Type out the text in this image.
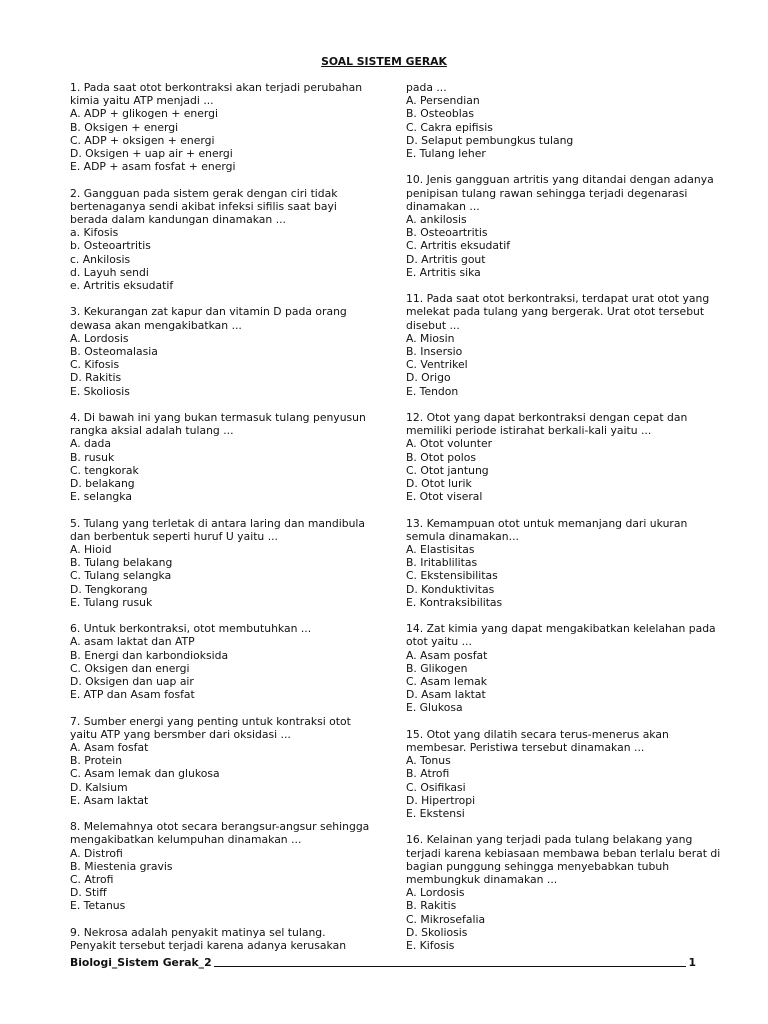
SOAL SISTEM GERAK

1. Pada saat otot berkontraksi akan terjadi perubahan kimia yaitu ATP menjadi ...

A. ADP + glikogen + energi
B. Oksigen + energi
C. ADP + oksigen + energi
D. Oksigen + uap air + energi
E. ADP + asam fosfat + energi

2. Gangguan pada sistem gerak dengan ciri tidak bertenaganya sendi akibat infeksi sifilis saat bayi berada dalam kandungan dinamakan ...

a. Kifosis
b. Osteoartritis
c. Ankilosis
d. Layuh sendi
e. Artritis eksudatif

3. Kekurangan zat kapur dan vitamin D pada orang dewasa akan mengakibatkan ...

A. Lordosis
B. Osteomalasia
C. Kifosis
D. Rakitis
E. Skoliosis

4. Di bawah ini yang bukan termasuk tulang penyusun rangka aksial adalah tulang ...

A. dada
B. rusuk
C. tengkorak
D. belakang
E. selangka

5. Tulang yang terletak di antara laring dan mandibula dan berbentuk seperti huruf U yaitu ...

A. Hioid
B. Tulang belakang
C. Tulang selangka
D. Tengkorang
E. Tulang rusuk

6. Untuk berkontraksi, otot membutuhkan ...

A. asam laktat dan ATP
B. Energi dan karbondioksida
C. Oksigen dan energi
D. Oksigen dan uap air
E. ATP dan Asam fosfat

7. Sumber energi yang penting untuk kontraksi otot yaitu ATP yang bersmber dari oksidasi ...

A. Asam fosfat
B. Protein
C. Asam lemak dan glukosa
D. Kalsium
E. Asam laktat

8. Melemahnya otot secara berangsur-angsur sehingga mengakibatkan kelumpuhan dinamakan ...

A. Distrofi
B. Miestenia gravis
C. Atrofi
D. Stiff
E. Tetanus

9. Nekrosa adalah penyakit matinya sel tulang. Penyakit tersebut terjadi karena adanya kerusakan

pada ...

A. Persendian
B. Osteoblas
C. Cakra epifisis
D. Selaput pembungkus tulang
E. Tulang leher

10. Jenis gangguan artritis yang ditandai dengan adanya penipisan tulang rawan sehingga terjadi degenarasi dinamakan ...

A. ankilosis
B. Osteoartritis
C. Artritis eksudatif
D. Artritis gout
E. Artritis sika

11. Pada saat otot berkontraksi, terdapat urat otot yang melekat pada tulang yang bergerak. Urat otot tersebut disebut ...

A. Miosin
B. Insersio
C. Ventrikel
D. Origo
E. Tendon

12. Otot yang dapat berkontraksi dengan cepat dan memiliki periode istirahat berkali-kali yaitu ...

A. Otot volunter
B. Otot polos
C. Otot jantung
D. Otot lurik
E. Otot viseral

13. Kemampuan otot untuk memanjang dari ukuran semula dinamakan...

A. Elastisitas
B. Iritablilitas
C. Ekstensibilitas
D. Konduktivitas
E. Kontraksibilitas

14. Zat kimia yang dapat mengakibatkan kelelahan pada otot yaitu ...

A. Asam posfat
B. Glikogen
C. Asam lemak
D. Asam laktat
E. Glukosa

15. Otot yang dilatih secara terus-menerus akan membesar. Peristiwa tersebut dinamakan ...

A. Tonus
B. Atrofi
C. Osifikasi
D. Hipertropi
E. Ekstensi

16. Kelainan yang terjadi pada tulang belakang yang terjadi karena kebiasaan membawa beban terlalu berat di bagian punggung sehingga menyebabkan tubuh membungkuk dinamakan ...

A. Lordosis
B. Rakitis
C. Mikrosefalia
D. Skoliosis
E. Kifosis
Biologi_Sistem Gerak_2	1
